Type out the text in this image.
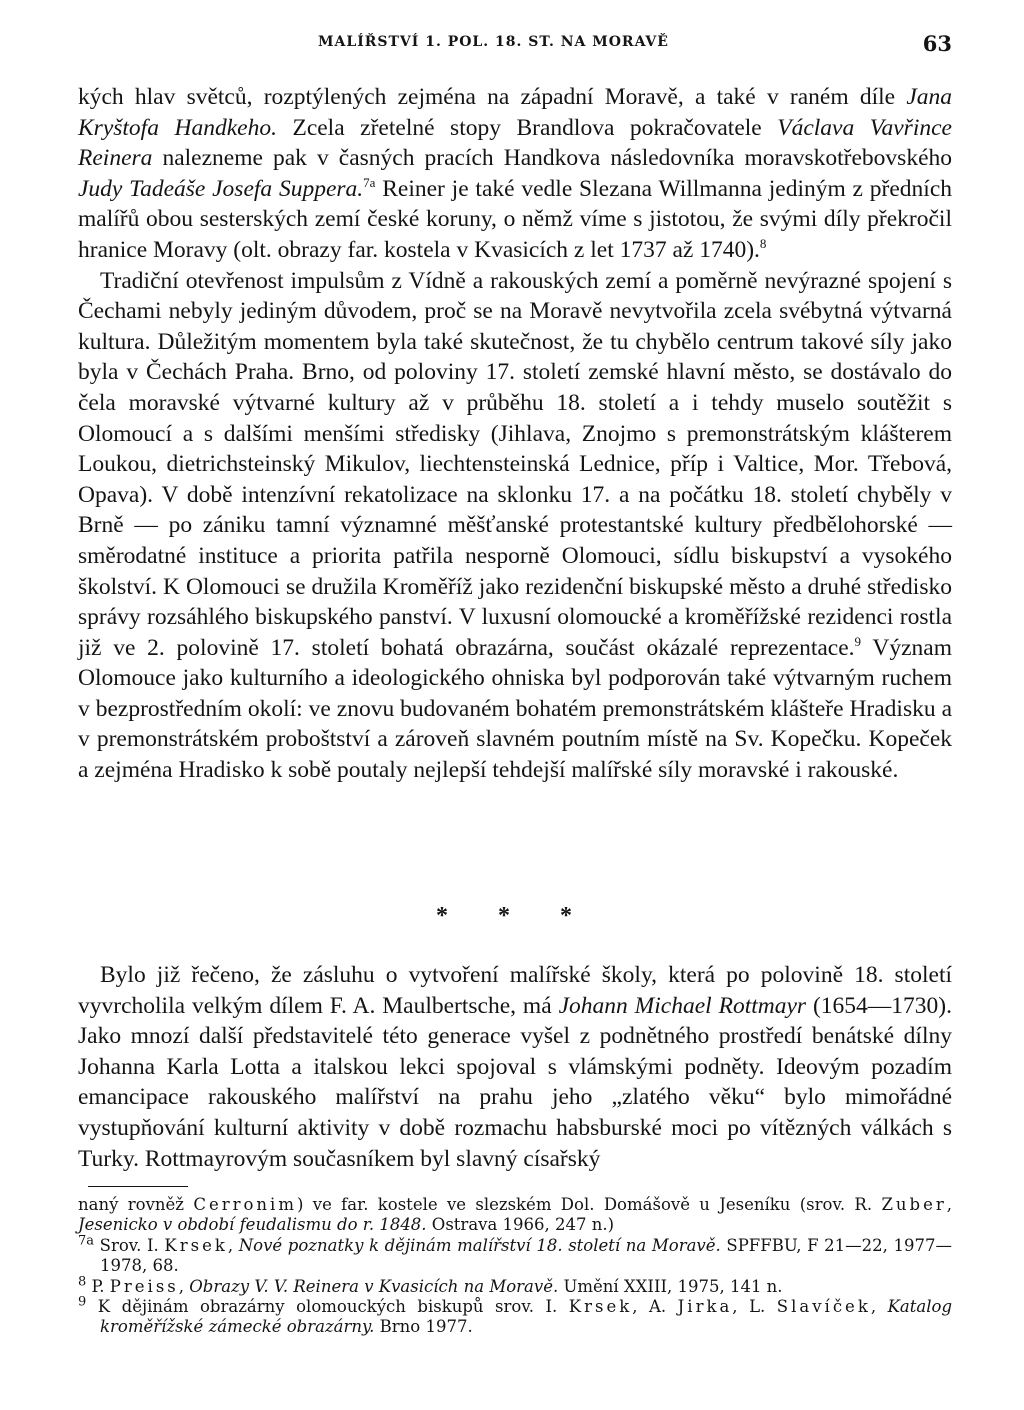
MALÍŘSTVÍ 1. POL. 18. ST. NA MORAVĚ	63

kých hlav světců, rozptýlených zejména na západní Moravě, a také v raném díle Jana Kryštofa Handkeho. Zcela zřetelné stopy Brandlova pokračovatele Václava Vavřince Reinera nalezneme pak v časných pracích Handkova následovníka moravskotřebovského Judy Tadeáše Josefa Suppera.$^{7a}$ Reiner je také vedle Slezana Willmanna jediným z předních malířů obou sesterských zemí české koruny, o němž víme s jistotou, že svými díly překročil hranice Moravy (olt. obrazy far. kostela v Kvasicích z let 1737 až 1740).$^8$

Tradiční otevřenost impulsům z Vídně a rakouských zemí a poměrně nevýrazné spojení s Čechami nebyly jediným důvodem, proč se na Moravě nevytvořila zcela svébytná výtvarná kultura. Důležitým momentem byla také skutečnost, že tu chybělo centrum takové síly jako byla v Čechách Praha. Brno, od poloviny 17. století zemské hlavní město, se dostávalo do čela moravské výtvarné kultury až v průběhu 18. století a i tehdy muselo soutěžit s Olomoucí a s dalšími menšími středisky (Jihlava, Znojmo s premonstrátským klášterem Loukou, dietrichsteinský Mikulov, liechtensteinská Lednice, příp i Valtice, Mor. Třebová, Opava). V době intenzívní rekatolizace na sklonku 17. a na počátku 18. století chyběly v Brně — po zániku tamní významné měšťanské protestantské kultury předbělohorské — směrodatné instituce a priorita patřila nesporně Olomouci, sídlu biskupství a vysokého školství. K Olomouci se družila Kroměříž jako rezidenční biskupské město a druhé středisko správy rozsáhlého biskupského panství. V luxusní olomoucké a kroměřížské rezidenci rostla již ve 2. polovině 17. století bohatá obrazárna, součást okázalé reprezentace.$^9$ Význam Olomouce jako kulturního a ideologického ohniska byl podporován také výtvarným ruchem v bezprostředním okolí: ve znovu budovaném bohatém premonstrátském klášteře Hradisku a v premonstrátském proboštství a zároveň slavném poutním místě na Sv. Kopečku. Kopeček a zejména Hradisko k sobě poutaly nejlepší tehdejší malířské síly moravské i rakouské.

* * *

Bylo již řečeno, že zásluhu o vytvoření malířské školy, která po polovině 18. století vyvrcholila velkým dílem F. A. Maulbertsche, má Johann Michael Rottmayr (1654—1730). Jako mnozí další představitelé této generace vyšel z podnětného prostředí benátské dílny Johanna Karla Lotta a italskou lekci spojoval s vlámskými podněty. Ideovým pozadím emancipace rakouského malířství na prahu jeho „zlatého věku“ bylo mimořádné vystupňování kulturní aktivity v době rozmachu habsburské moci po vítězných válkách s Turky. Rottmayrovým současníkem byl slavný císařský

naný rovněž Cerronim) ve far. kostele ve slezském Dol. Domášově u Jeseníku (srov. R. Zuber, Jesenicko v období feudalismu do r. 1848. Ostrava 1966, 247 n.)

$^{7a}$ Srov. I. Krsek, Nové poznatky k dějinám malířství 18. století na Moravě. SPFFBU, F 21—22, 1977—1978, 68.

$^8$ P. Preiss, Obrazy V. V. Reinera v Kvasicích na Moravě. Umění XXIII, 1975, 141 n.

$^9$ K dějinám obrazárny olomouckých biskupů srov. I. Krsek, A. Jirka, L. Slavíček, Katalog kroměřížské zámecké obrazárny. Brno 1977.
